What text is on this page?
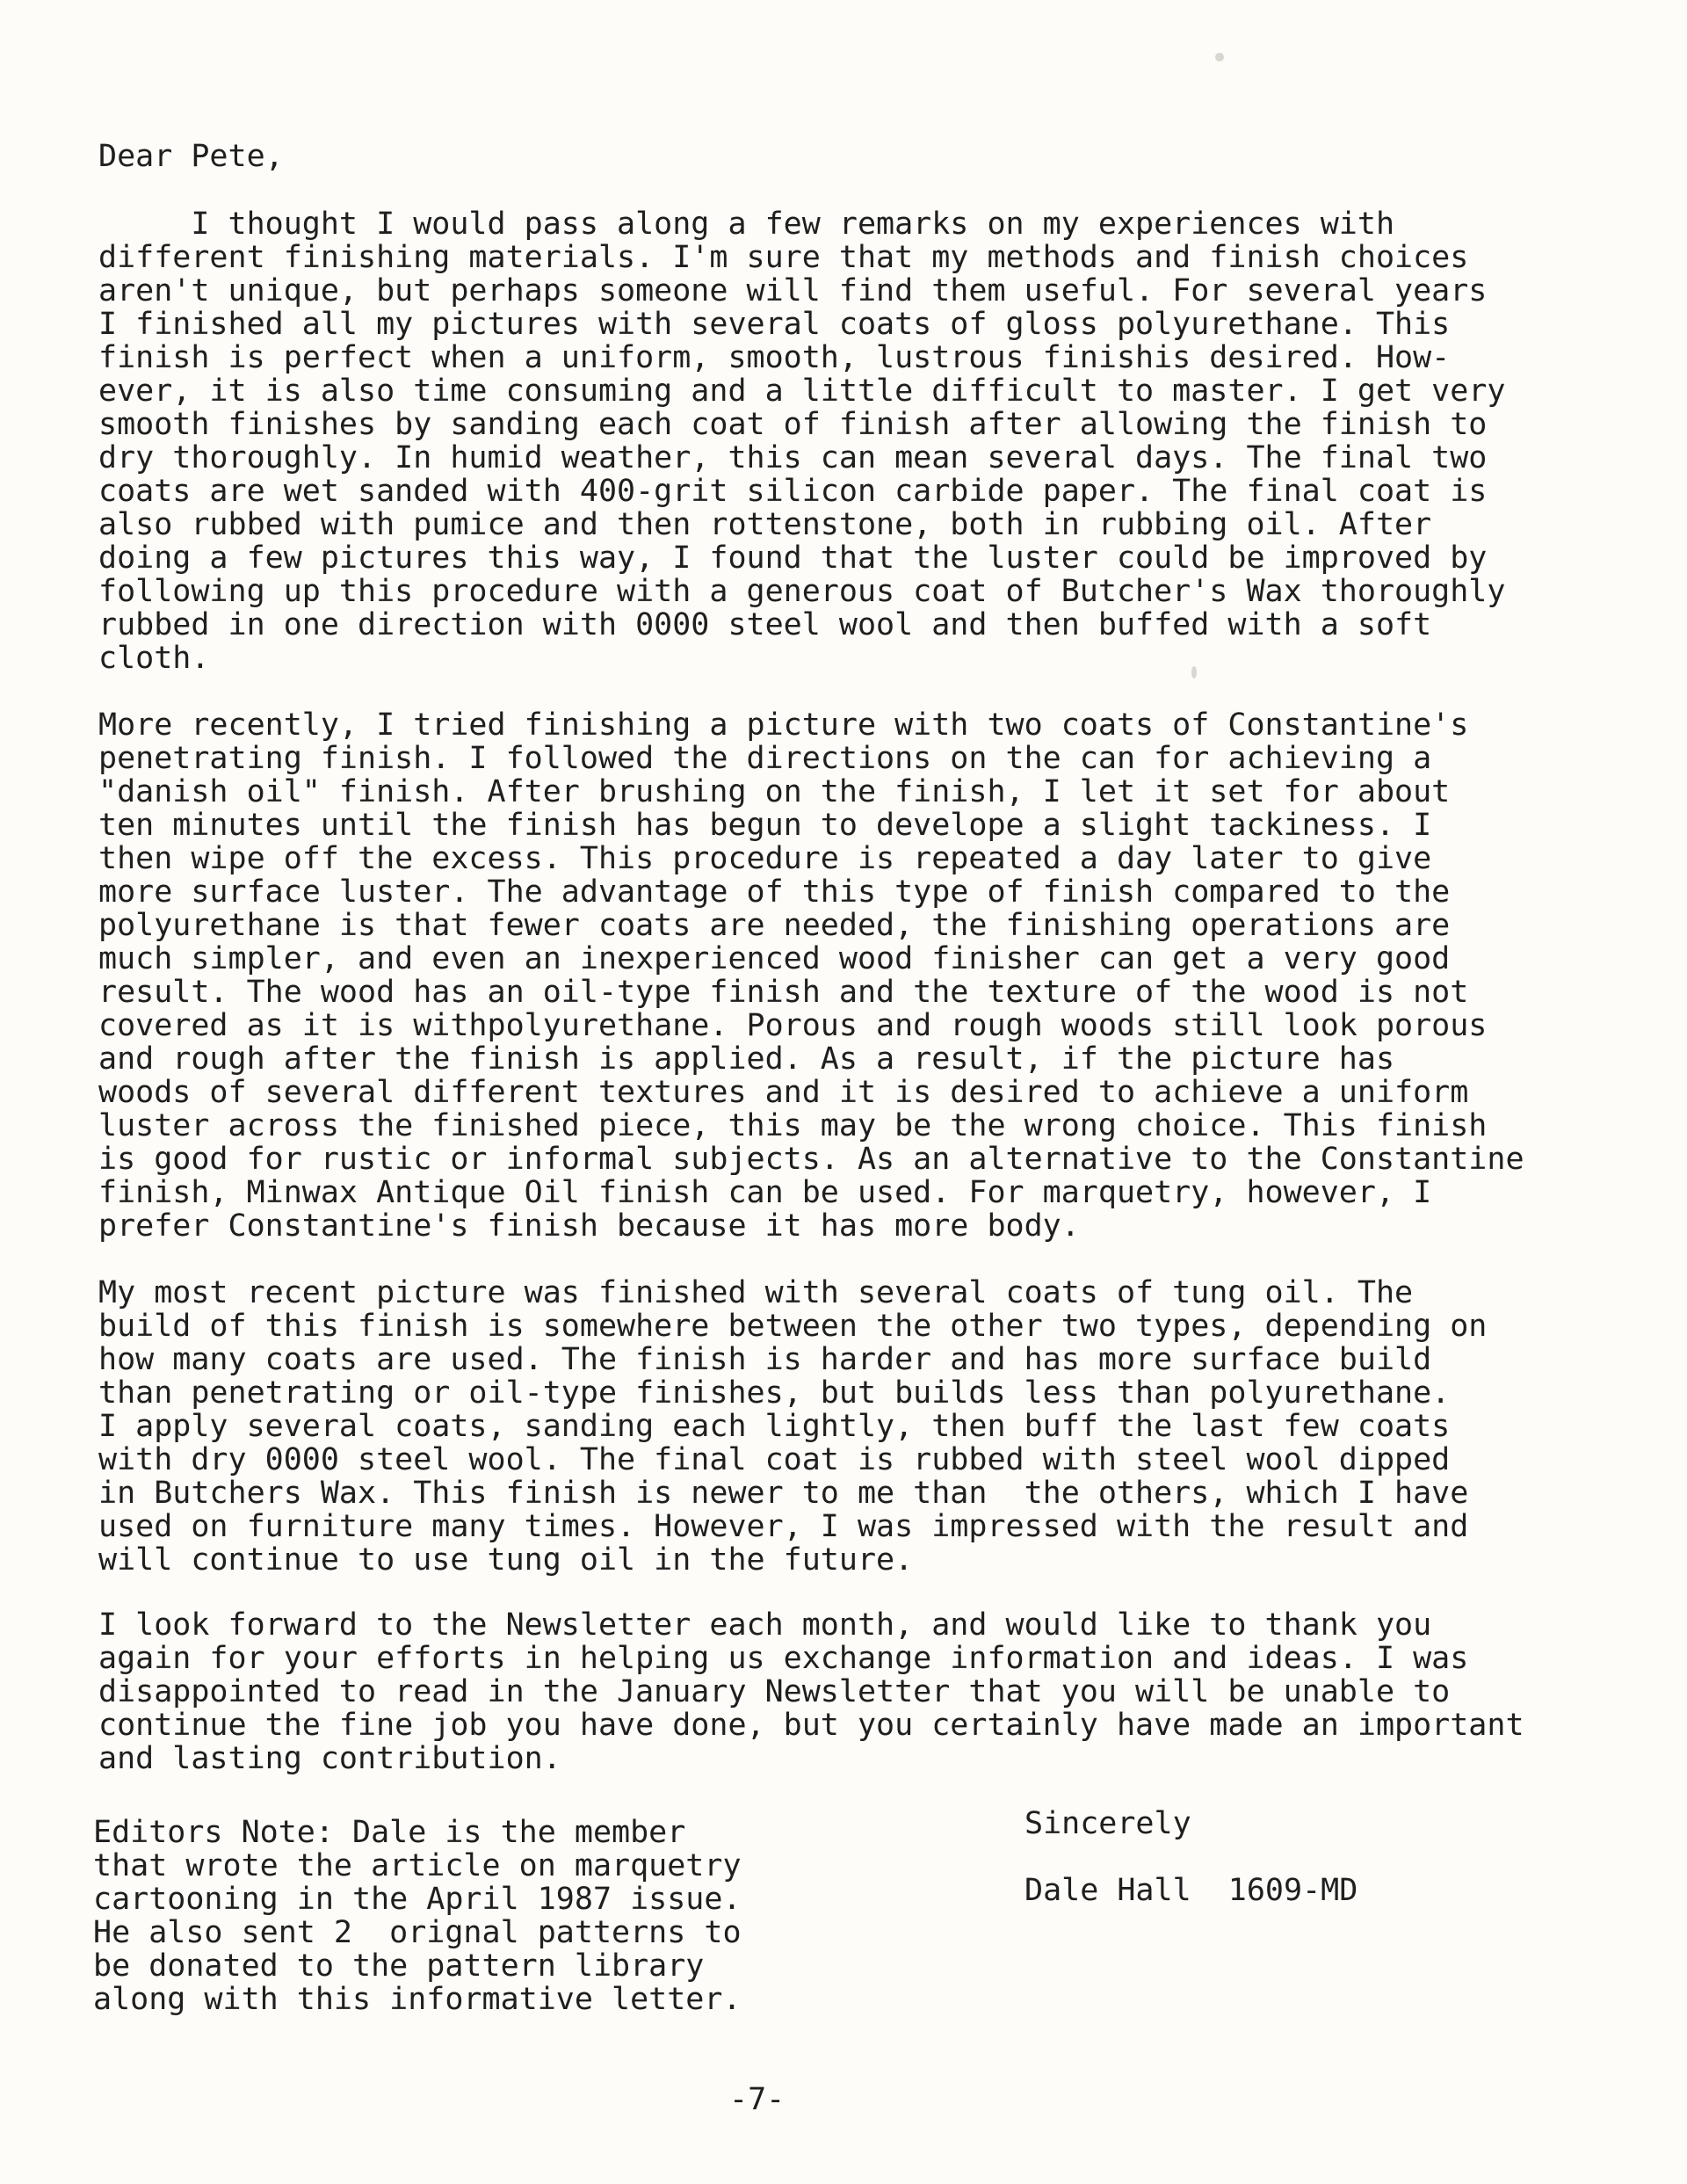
Dear Pete,
I thought I would pass along a few remarks on my experiences with
different finishing materials. I'm sure that my methods and finish choices
aren't unique, but perhaps someone will find them useful. For several years
I finished all my pictures with several coats of gloss polyurethane. This
finish is perfect when a uniform, smooth, lustrous finishis desired. How-
ever, it is also time consuming and a little difficult to master. I get very
smooth finishes by sanding each coat of finish after allowing the finish to
dry thoroughly. In humid weather, this can mean several days. The final two
coats are wet sanded with 400-grit silicon carbide paper. The final coat is
also rubbed with pumice and then rottenstone, both in rubbing oil. After
doing a few pictures this way, I found that the luster could be improved by
following up this procedure with a generous coat of Butcher's Wax thoroughly
rubbed in one direction with 0000 steel wool and then buffed with a soft
cloth.
More recently, I tried finishing a picture with two coats of Constantine's
penetrating finish. I followed the directions on the can for achieving a
"danish oil" finish. After brushing on the finish, I let it set for about
ten minutes until the finish has begun to develope a slight tackiness. I
then wipe off the excess. This procedure is repeated a day later to give
more surface luster. The advantage of this type of finish compared to the
polyurethane is that fewer coats are needed, the finishing operations are
much simpler, and even an inexperienced wood finisher can get a very good
result. The wood has an oil-type finish and the texture of the wood is not
covered as it is withpolyurethane. Porous and rough woods still look porous
and rough after the finish is applied. As a result, if the picture has
woods of several different textures and it is desired to achieve a uniform
luster across the finished piece, this may be the wrong choice. This finish
is good for rustic or informal subjects. As an alternative to the Constantine
finish, Minwax Antique Oil finish can be used. For marquetry, however, I
prefer Constantine's finish because it has more body.
My most recent picture was finished with several coats of tung oil. The
build of this finish is somewhere between the other two types, depending on
how many coats are used. The finish is harder and has more surface build
than penetrating or oil-type finishes, but builds less than polyurethane.
I apply several coats, sanding each lightly, then buff the last few coats
with dry 0000 steel wool. The final coat is rubbed with steel wool dipped
in Butchers Wax. This finish is newer to me than  the others, which I have
used on furniture many times. However, I was impressed with the result and
will continue to use tung oil in the future.
I look forward to the Newsletter each month, and would like to thank you
again for your efforts in helping us exchange information and ideas. I was
disappointed to read in the January Newsletter that you will be unable to
continue the fine job you have done, but you certainly have made an important
and lasting contribution.
Editors Note: Dale is the member
that wrote the article on marquetry
cartooning in the April 1987 issue.
He also sent 2  orignal patterns to
be donated to the pattern library
along with this informative letter.
Sincerely
Dale Hall  1609-MD
-7-
